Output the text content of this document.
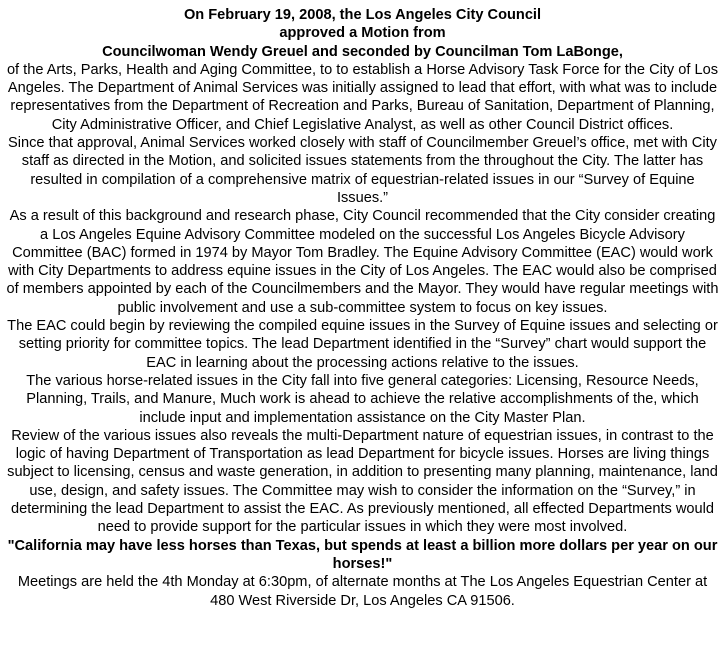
On February 19, 2008, the Los Angeles City Council

approved a Motion from

Councilwoman Wendy Greuel and seconded by Councilman Tom LaBonge,

of the Arts, Parks, Health and Aging Committee, to to establish a Horse Advisory Task Force for the City of Los Angeles. The Department of Animal Services was initially assigned to lead that effort, with what was to include representatives from the Department of Recreation and Parks, Bureau of Sanitation, Department of Planning, City Administrative Officer, and Chief Legislative Analyst, as well as other Council District offices.

Since that approval, Animal Services worked closely with staff of Councilmember Greuel’s office, met with City staff as directed in the Motion, and solicited issues statements from the throughout the City. The latter has resulted in compilation of a comprehensive matrix of equestrian-related issues in our “Survey of Equine Issues.”

As a result of this background and research phase, City Council recommended that the City consider creating a Los Angeles Equine Advisory Committee modeled on the successful Los Angeles Bicycle Advisory Committee (BAC) formed in 1974 by Mayor Tom Bradley. The Equine Advisory Committee (EAC) would work with City Departments to address equine issues in the City of Los Angeles. The EAC would also be comprised of members appointed by each of the Councilmembers and the Mayor. They would have regular meetings with public involvement and use a sub-committee system to focus on key issues.

The EAC could begin by reviewing the compiled equine issues in the Survey of Equine issues and selecting or setting priority for committee topics. The lead Department identified in the “Survey” chart would support the EAC in learning about the processing actions relative to the issues.

The various horse-related issues in the City fall into five general categories: Licensing, Resource Needs, Planning, Trails, and Manure, Much work is ahead to achieve the relative accomplishments of the, which include input and implementation assistance on the City Master Plan.

Review of the various issues also reveals the multi-Department nature of equestrian issues, in contrast to the logic of having Department of Transportation as lead Department for bicycle issues. Horses are living things subject to licensing, census and waste generation, in addition to presenting many planning, maintenance, land use, design, and safety issues. The Committee may wish to consider the information on the “Survey,” in determining the lead Department to assist the EAC. As previously mentioned, all effected Departments would need to provide support for the particular issues in which they were most involved.

"California may have less horses than Texas, but spends at least a billion more dollars per year on our horses!"

Meetings are held the 4th Monday at 6:30pm, of alternate months at The Los Angeles Equestrian Center at 480 West Riverside Dr, Los Angeles CA 91506.
